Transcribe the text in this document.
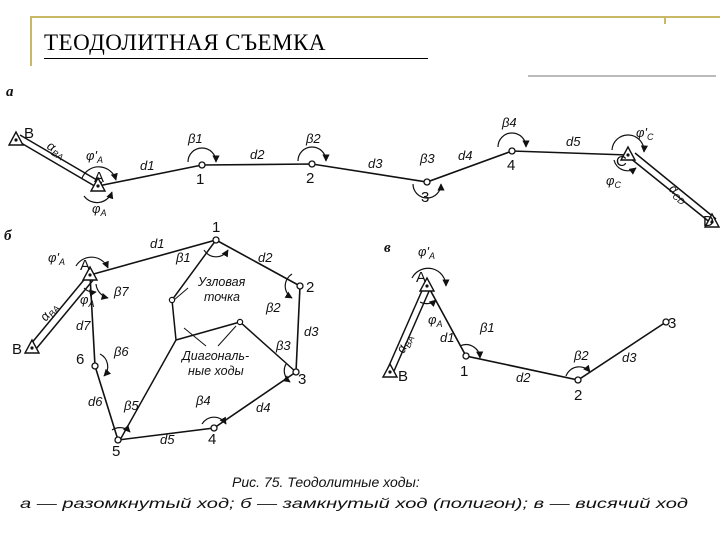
ТЕОДОЛИТНАЯ СЪЕМКА
а
B
A	1	2
3
4	C
D
β1	β2
β3
β4
d1
d2
d3
d4
d5
$\varphi'_A$
$\varphi_A$
$\varphi'_C$
$\varphi_C$
$\alpha_{BA}$
$\alpha_{CD}$
б
A
1
2
3
4
5
6
B
β1
β2
β3
β4
β5
β6
β7
d1
d2
d3
d4
d5
d6
d7
$\varphi'_A$
$\varphi_A$
$\alpha_{BA}$
Узловая
точка
Диагональ-
ные ходы
в
A
B	1
2
3
β1
β2
d1
d2
d3
$\varphi'_A$
$\varphi_A$
$\alpha_{BA}$
Рис. 75. Теодолитные ходы:
а — разомкнутый ход; б — замкнутый ход (полигон); в — висячий ход
